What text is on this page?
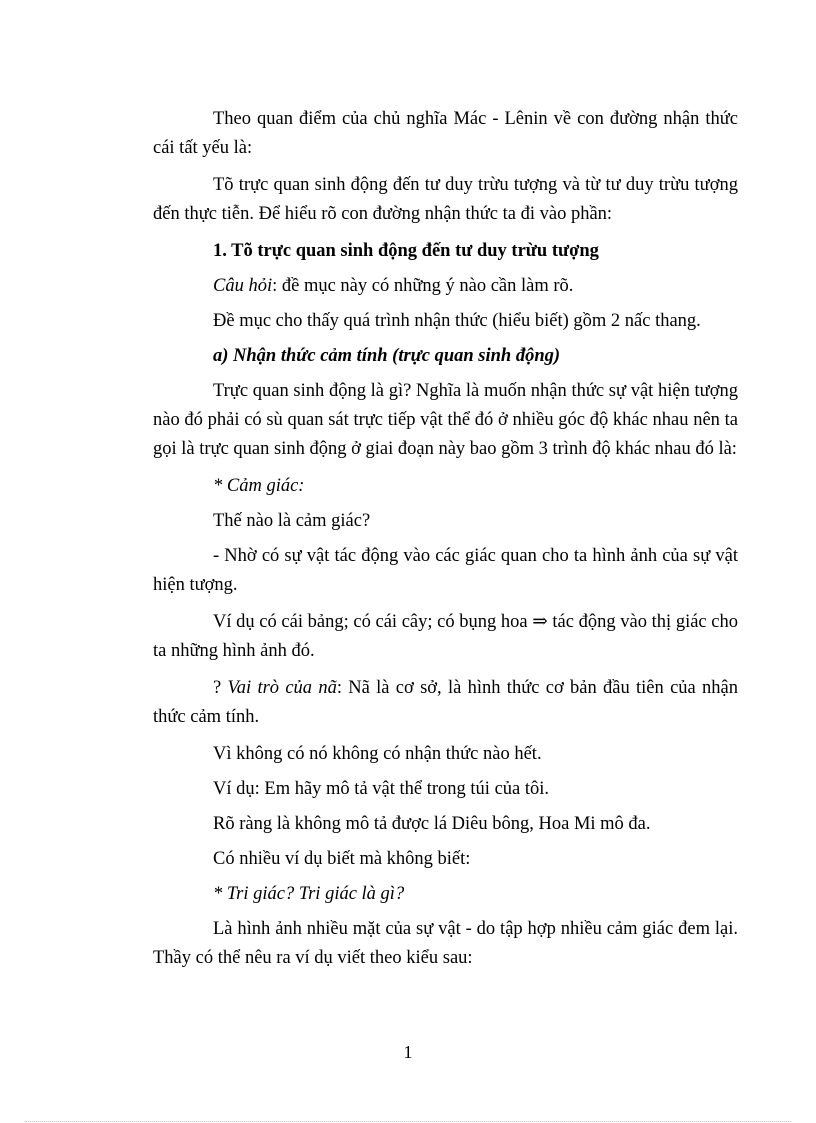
Theo quan điểm của chủ nghĩa Mác - Lênin về con đường nhận thức cái tất yếu là:

Tõ trực quan sinh động đến tư duy trừu tượng và từ tư duy trừu tượng đến thực tiễn. Để hiểu rõ con đường nhận thức ta đi vào phần:

1. Tõ trực quan sinh động đến tư duy trừu tượng

Câu hỏi: đề mục này có những ý nào cần làm rõ.

Đề mục cho thấy quá trình nhận thức (hiểu biết) gồm 2 nấc thang.

a) Nhận thức cảm tính (trực quan sinh động)

Trực quan sinh động là gì? Nghĩa là muốn nhận thức sự vật hiện tượng nào đó phải có sù quan sát trực tiếp vật thể đó ở nhiều góc độ khác nhau nên ta gọi là trực quan sinh động ở giai đoạn này bao gồm 3 trình độ khác nhau đó là:

* Cảm giác:

Thế nào là cảm giác?

- Nhờ có sự vật tác động vào các giác quan cho ta hình ảnh của sự vật hiện tượng.

Ví dụ có cái bảng; có cái cây; có bụng hoa ⇒ tác động vào thị giác cho ta những hình ảnh đó.

? Vai trò của nã: Nã là cơ sở, là hình thức cơ bản đầu tiên của nhận thức cảm tính.

Vì không có nó không có nhận thức nào hết.

Ví dụ: Em hãy mô tả vật thể trong túi của tôi.

Rõ ràng là không mô tả được lá Diêu bông, Hoa Mi mô đa.

Có nhiều ví dụ biết mà không biết:

* Tri giác? Tri giác là gì?

Là hình ảnh nhiều mặt của sự vật - do tập hợp nhiều cảm giác đem lại. Thầy có thể nêu ra ví dụ viết theo kiểu sau:

1
